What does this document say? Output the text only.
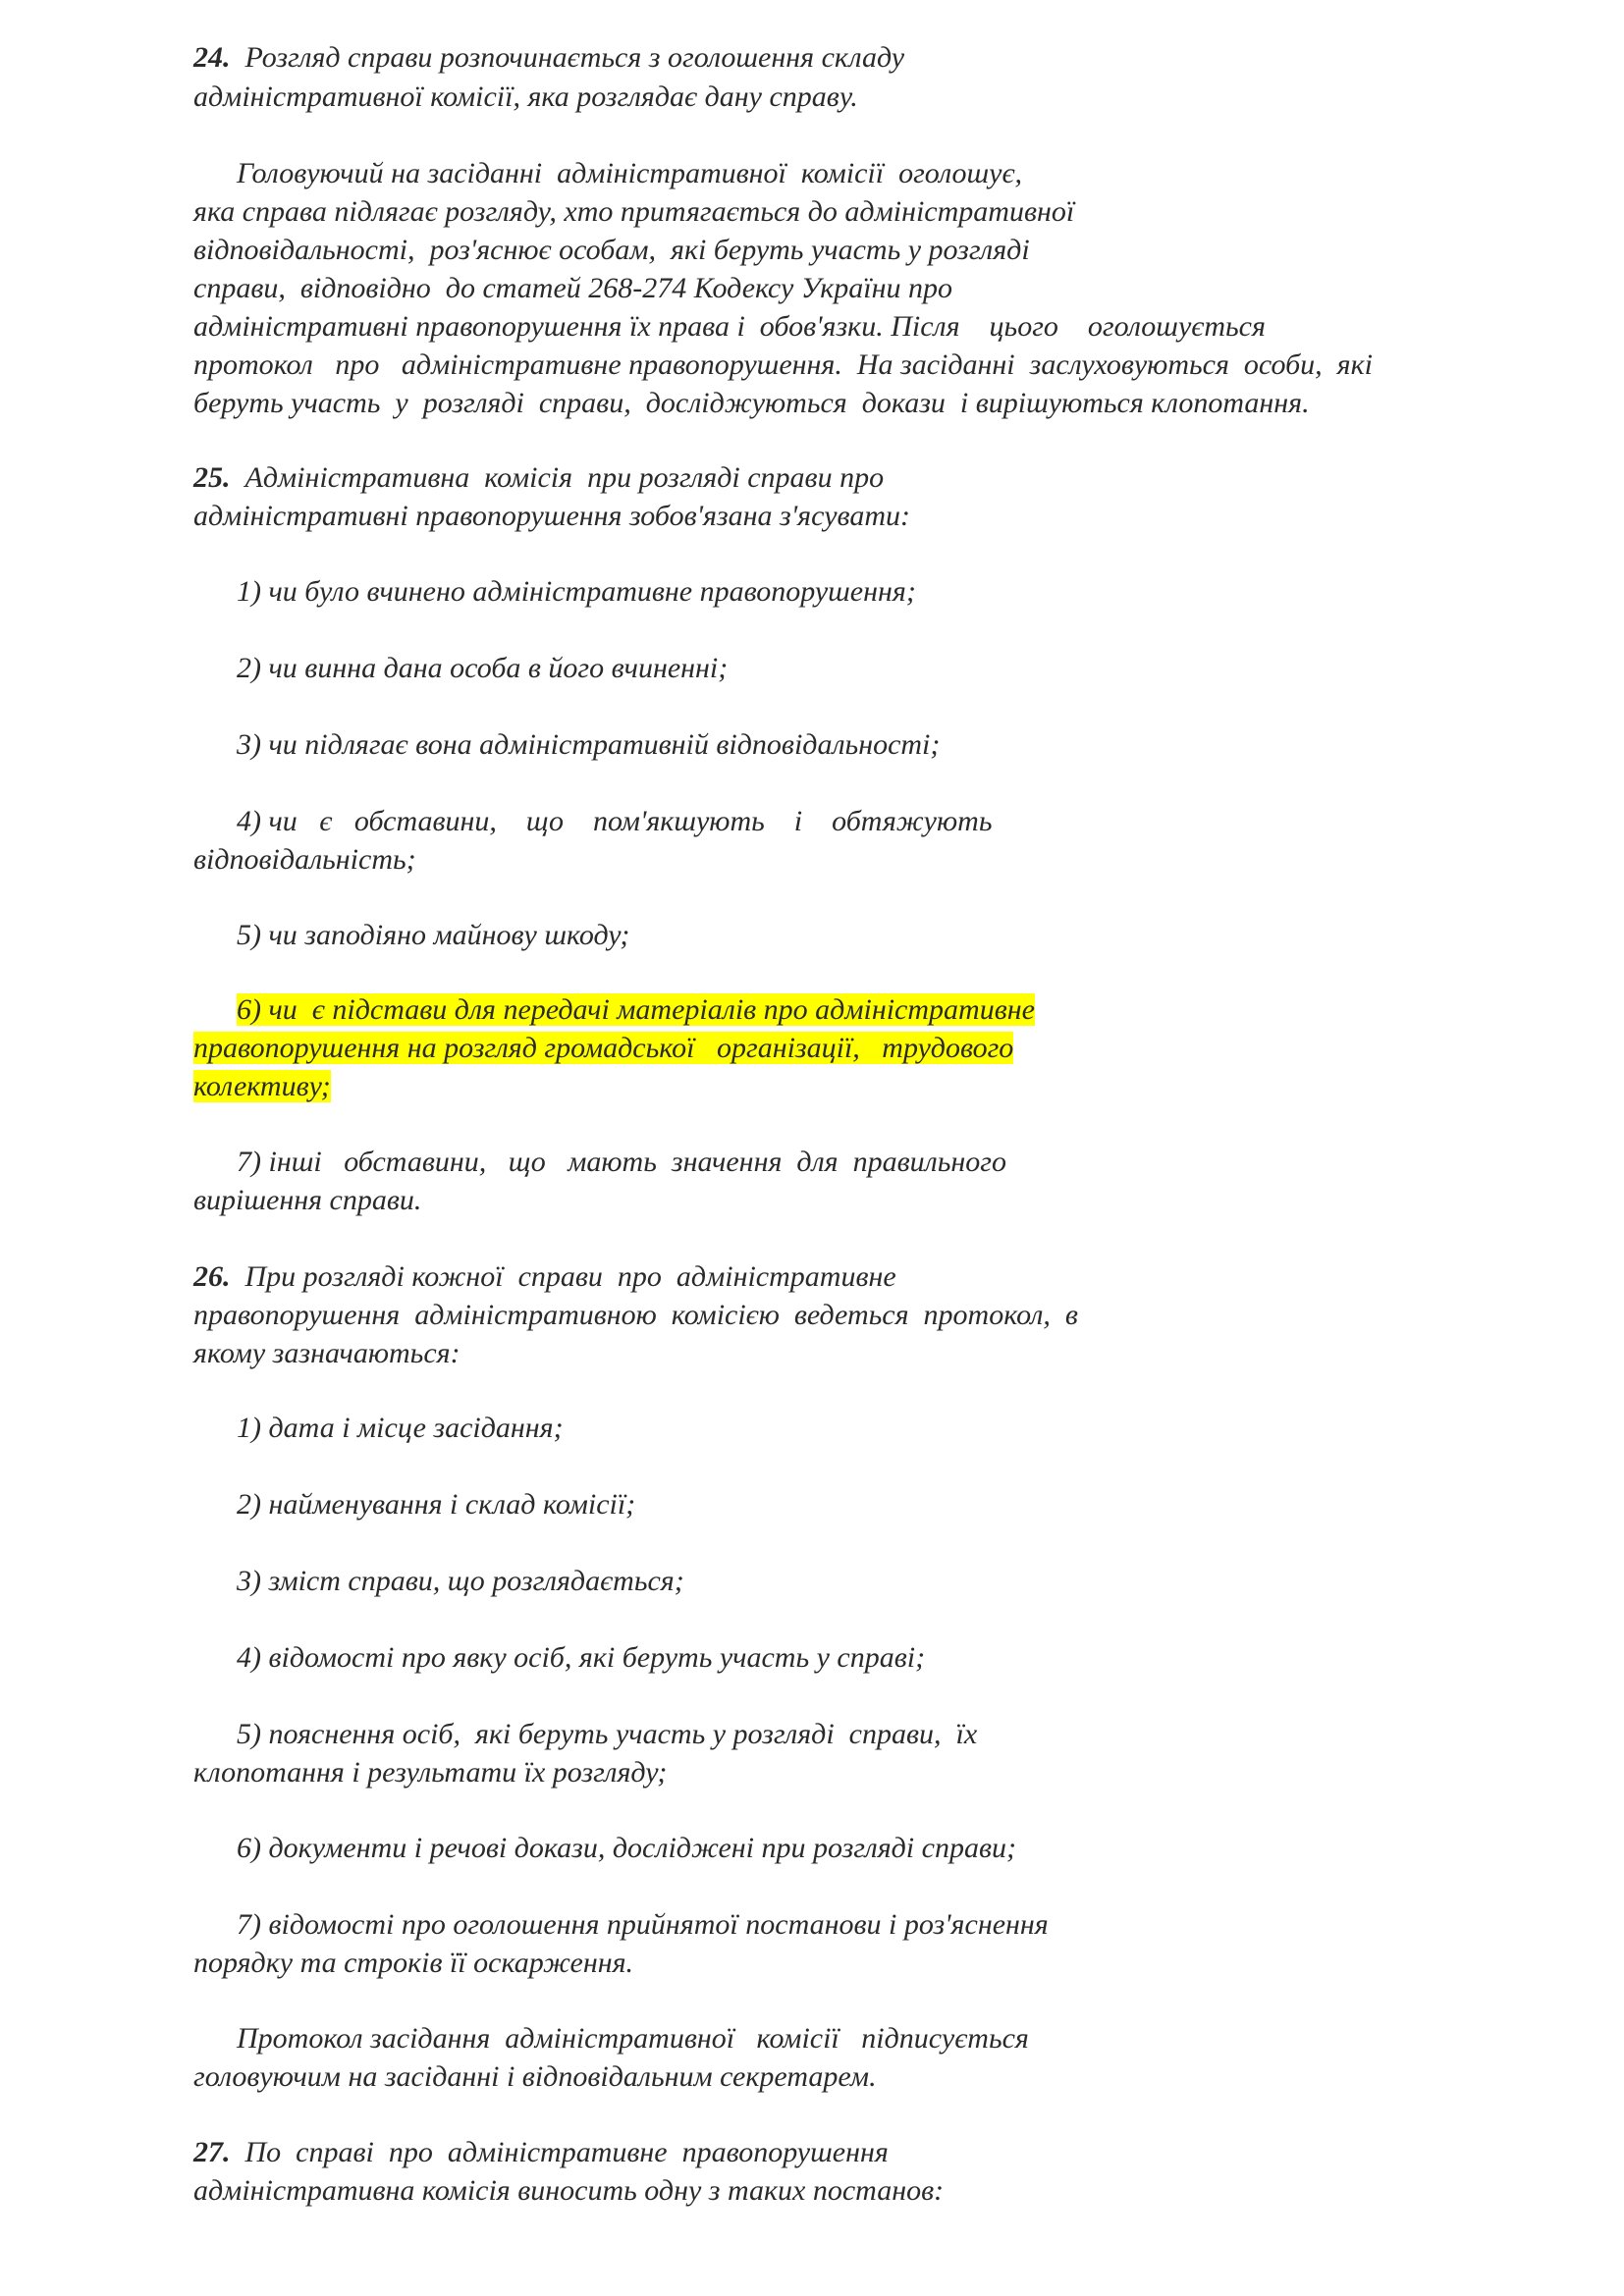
24.  Розгляд справи розпочинається з оголошення складу
адміністративної комісії, яка розглядає дану справу.
Головуючий на засіданні  адміністративної  комісії  оголошує,
яка справа підлягає розгляду, хто притягається до адміністративної
відповідальності,  роз'яснює особам,  які беруть участь у розгляді
справи,  відповідно  до статей 268-274 Кодексу України про
адміністративні правопорушення їх права і  обов'язки. Після    цього    оголошується
протокол   про   адміністративне правопорушення.  На засіданні  заслуховуються  особи,  які
беруть участь  у  розгляді  справи,  досліджуються  докази  і вирішуються клопотання.
25.  Адміністративна  комісія  при розгляді справи про
адміністративні правопорушення зобов'язана з'ясувати:
1) чи було вчинено адміністративне правопорушення;
2) чи винна дана особа в його вчиненні;
3) чи підлягає вона адміністративній відповідальності;
4) чи   є   обставини,    що    пом'якшують    і    обтяжують
відповідальність;
5) чи заподіяно майнову шкоду;
6) чи  є підстави для передачі матеріалів про адміністративне
правопорушення на розгляд громадської   організації,   трудового
колективу;
7) інші   обставини,   що   мають  значення  для  правильного
вирішення справи.
26.  При розгляді кожної  справи  про  адміністративне
правопорушення  адміністративною  комісією  ведеться  протокол,  в
якому зазначаються:
1) дата і місце засідання;
2) найменування і склад комісії;
3) зміст справи, що розглядається;
4) відомості про явку осіб, які беруть участь у справі;
5) пояснення осіб,  які беруть участь у розгляді  справи,  їх
клопотання і результати їх розгляду;
6) документи і речові докази, досліджені при розгляді справи;
7) відомості про оголошення прийнятої постанови і роз'яснення
порядку та строків її оскарження.
Протокол засідання  адміністративної   комісії   підписується
головуючим на засіданні і відповідальним секретарем.
27.  По  справі  про  адміністративне  правопорушення
адміністративна комісія виносить одну з таких постанов:
